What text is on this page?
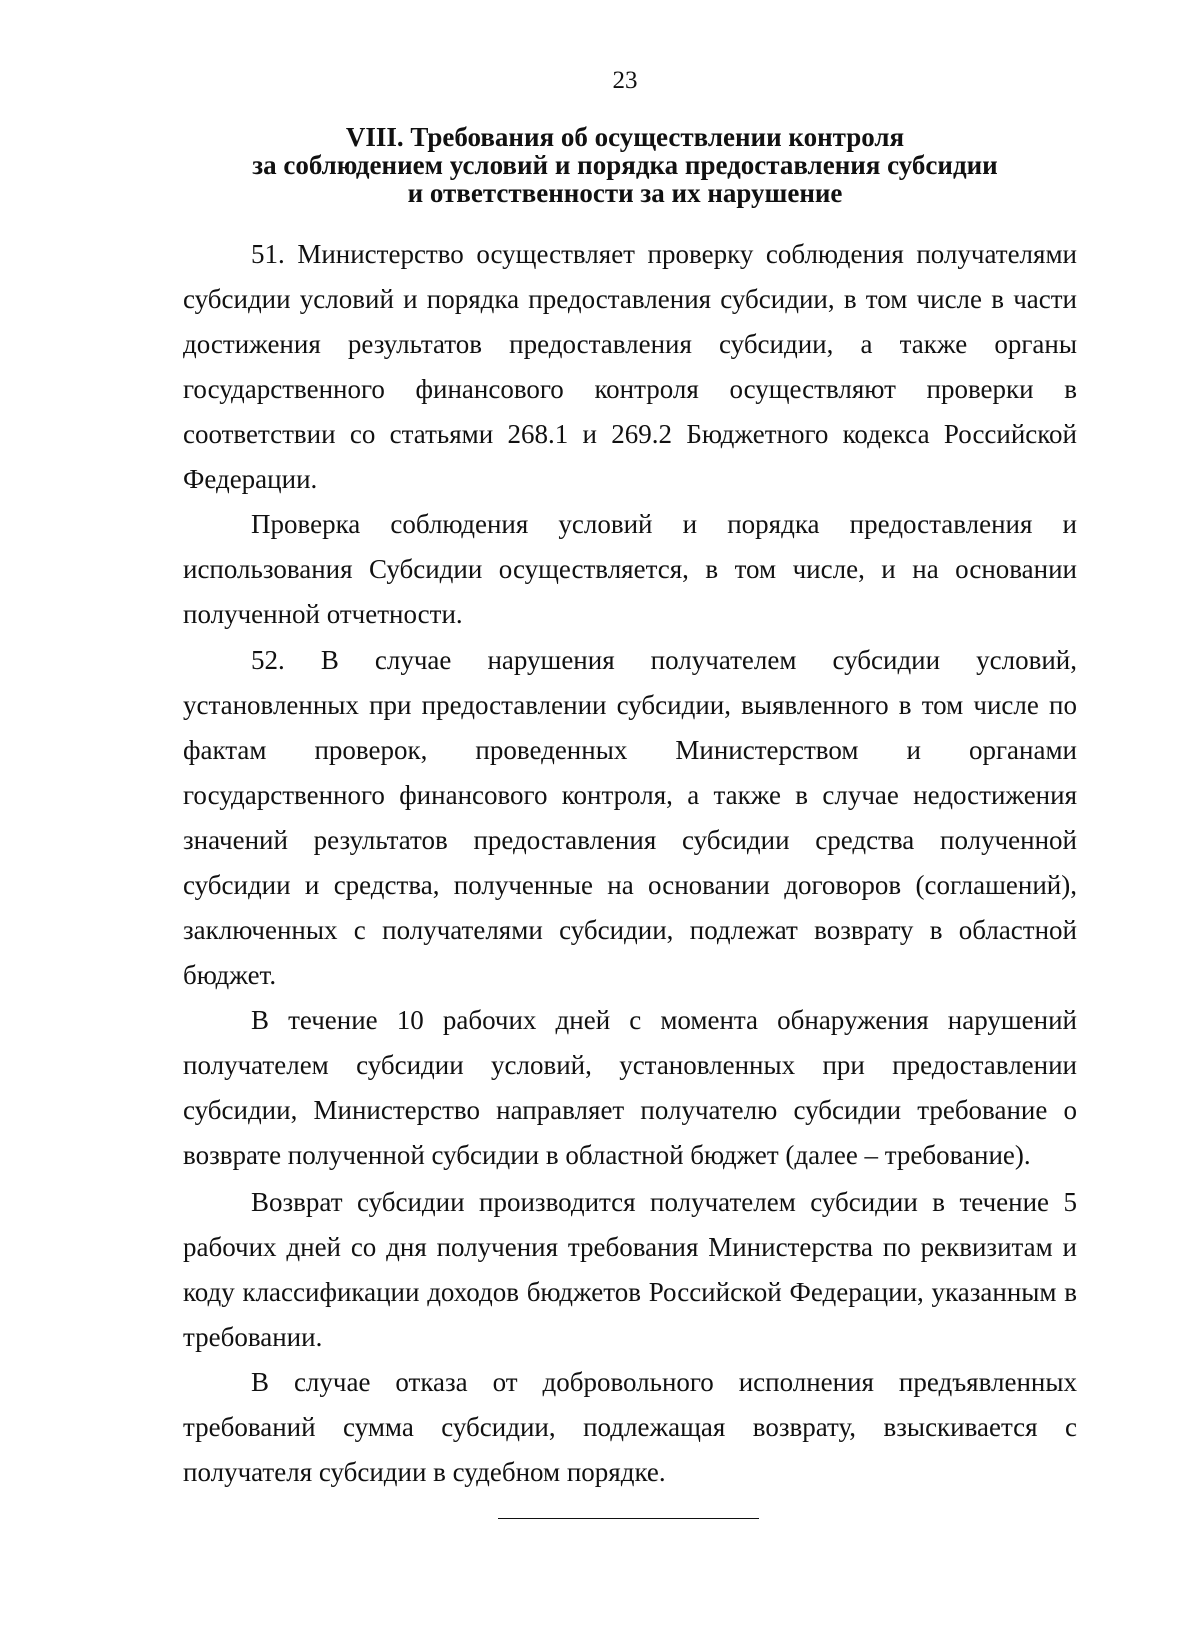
23
VIII. Требования об осуществлении контроля
за соблюдением условий и порядка предоставления субсидии
и ответственности за их нарушение

51. Министерство осуществляет проверку соблюдения получателями субсидии условий и порядка предоставления субсидии, в том числе в части достижения результатов предоставления субсидии, а также органы государственного финансового контроля осуществляют проверки в соответствии со статьями 268.1 и 269.2 Бюджетного кодекса Российской Федерации.

Проверка соблюдения условий и порядка предоставления и использования Субсидии осуществляется, в том числе, и на основании полученной отчетности.

52. В случае нарушения получателем субсидии условий, установленных при предоставлении субсидии, выявленного в том числе по фактам проверок, проведенных Министерством и органами государственного финансового контроля, а также в случае недостижения значений результатов предоставления субсидии средства полученной субсидии и средства, полученные на основании договоров (соглашений), заключенных с получателями субсидии, подлежат возврату в областной бюджет.

В течение 10 рабочих дней с момента обнаружения нарушений получателем субсидии условий, установленных при предоставлении субсидии, Министерство направляет получателю субсидии требование о возврате полученной субсидии в областной бюджет (далее – требование).

Возврат субсидии производится получателем субсидии в течение 5 рабочих дней со дня получения требования Министерства по реквизитам и коду классификации доходов бюджетов Российской Федерации, указанным в требовании.

В случае отказа от добровольного исполнения предъявленных требований сумма субсидии, подлежащая возврату, взыскивается с получателя субсидии в судебном порядке.
